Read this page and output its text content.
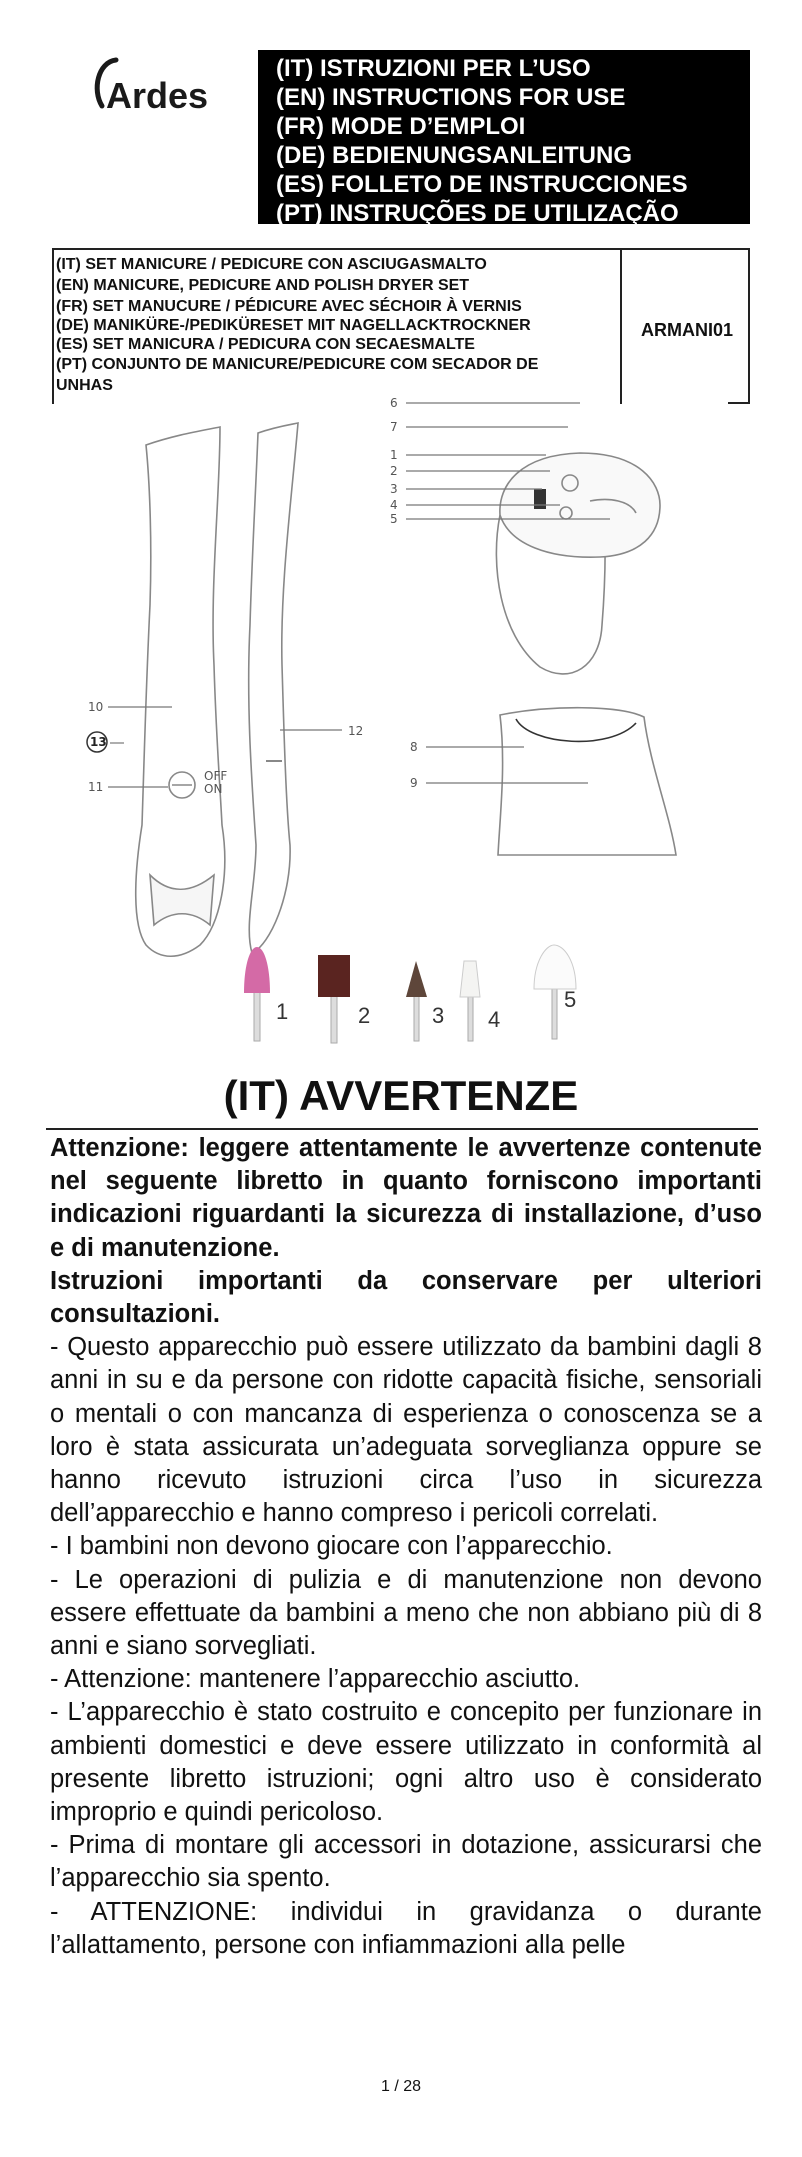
Ardes
(IT) ISTRUZIONI PER L’USO
(EN) INSTRUCTIONS FOR USE
(FR) MODE D’EMPLOI
(DE) BEDIENUNGSANLEITUNG
(ES) FOLLETO DE INSTRUCCIONES
(PT) INSTRUÇÕES DE UTILIZAÇÃO
(IT) SET MANICURE / PEDICURE CON ASCIUGASMALTO
(EN) MANICURE, PEDICURE AND POLISH DRYER SET
(FR) SET MANUCURE / PÉDICURE AVEC SÉCHOIR À VERNIS
(DE) MANIKÜRE-/PEDIKÜRESET MIT NAGELLACKTROCKNER
(ES) SET MANICURA / PEDICURA CON SECAESMALTE
(PT) CONJUNTO DE MANICURE/PEDICURE COM SECADOR DE
UNHAS
ARMANI01
OFF
ON
10
13
11
12
6
7
1
2
3
4
5
8
9
1	2	3 4
5
(IT) AVVERTENZE

Attenzione: leggere attentamente le avvertenze contenute nel seguente libretto in quanto forniscono importanti indicazioni riguardanti la sicurezza di installazione, d’uso e di manutenzione.

Istruzioni importanti da conservare per ulteriori consultazioni.

- Questo apparecchio può essere utilizzato da bambini dagli 8 anni in su e da persone con ridotte capacità fisiche, sensoriali o mentali o con mancanza di esperienza o conoscenza se a loro è stata assicurata un’adeguata sorveglianza oppure se hanno ricevuto istruzioni circa l’uso in sicurezza dell’apparecchio e hanno compreso i pericoli correlati.

- I bambini non devono giocare con l’apparecchio.

- Le operazioni di pulizia e di manutenzione non devono essere effettuate da bambini a meno che non abbiano più di 8 anni e siano sorvegliati.

- Attenzione: mantenere l’apparecchio asciutto.

- L’apparecchio è stato costruito e concepito per funzionare in ambienti domestici e deve essere utilizzato in conformità al presente libretto istruzioni; ogni altro uso è considerato improprio e quindi pericoloso.

- Prima di montare gli accessori in dotazione, assicurarsi che l’apparecchio sia spento.

- ATTENZIONE: individui in gravidanza o durante l’allattamento, persone con infiammazioni alla pelle

1 / 28
